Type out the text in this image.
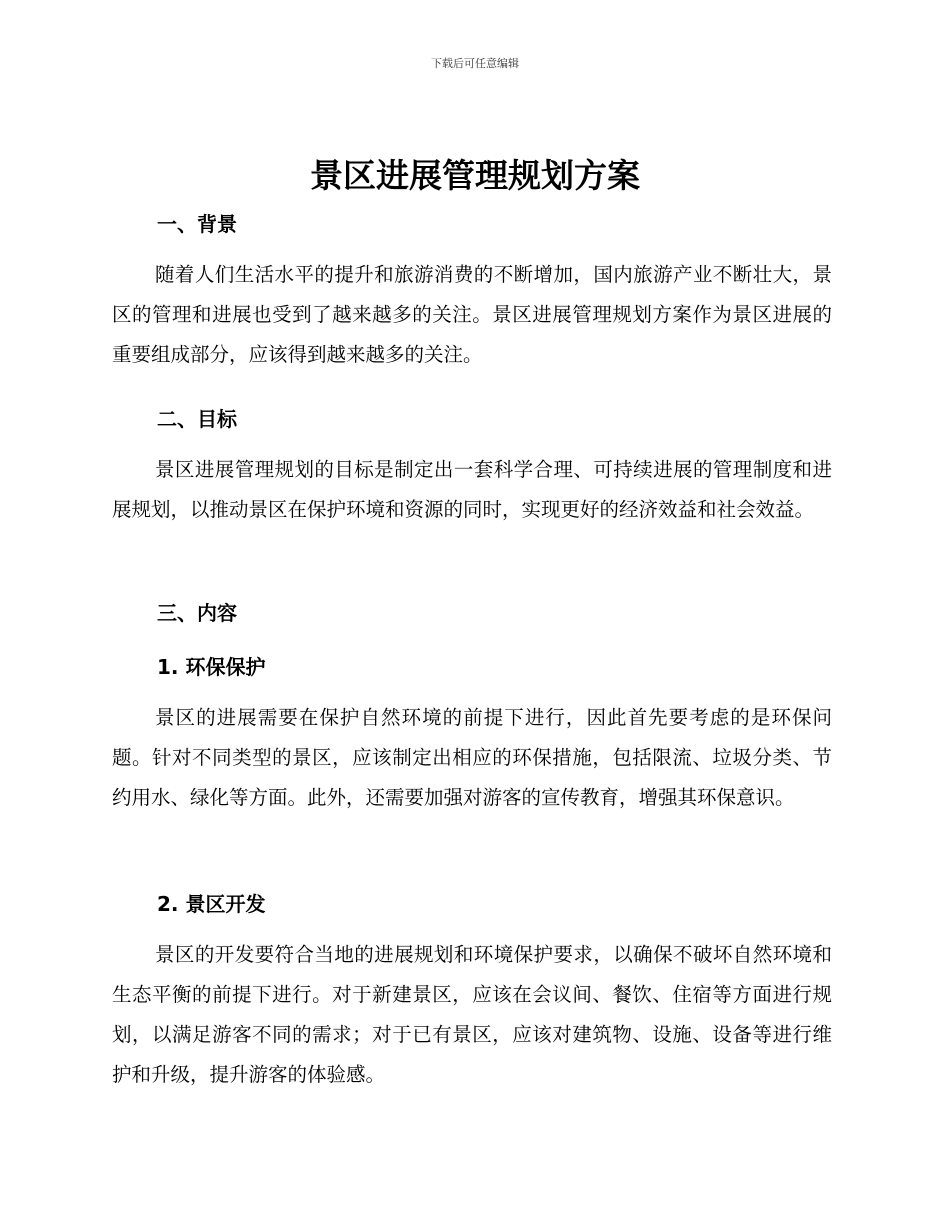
下载后可任意编辑
景区进展管理规划方案
一、背景

随着人们生活水平的提升和旅游消费的不断增加，国内旅游产业不断壮大，景区的管理和进展也受到了越来越多的关注。景区进展管理规划方案作为景区进展的重要组成部分，应该得到越来越多的关注。

二、目标

景区进展管理规划的目标是制定出一套科学合理、可持续进展的管理制度和进展规划，以推动景区在保护环境和资源的同时，实现更好的经济效益和社会效益。

三、内容
1. 环保保护

景区的进展需要在保护自然环境的前提下进行，因此首先要考虑的是环保问题。针对不同类型的景区，应该制定出相应的环保措施，包括限流、垃圾分类、节约用水、绿化等方面。此外，还需要加强对游客的宣传教育，增强其环保意识。

2. 景区开发

景区的开发要符合当地的进展规划和环境保护要求，以确保不破坏自然环境和生态平衡的前提下进行。对于新建景区，应该在会议间、餐饮、住宿等方面进行规划，以满足游客不同的需求；对于已有景区，应该对建筑物、设施、设备等进行维护和升级，提升游客的体验感。
